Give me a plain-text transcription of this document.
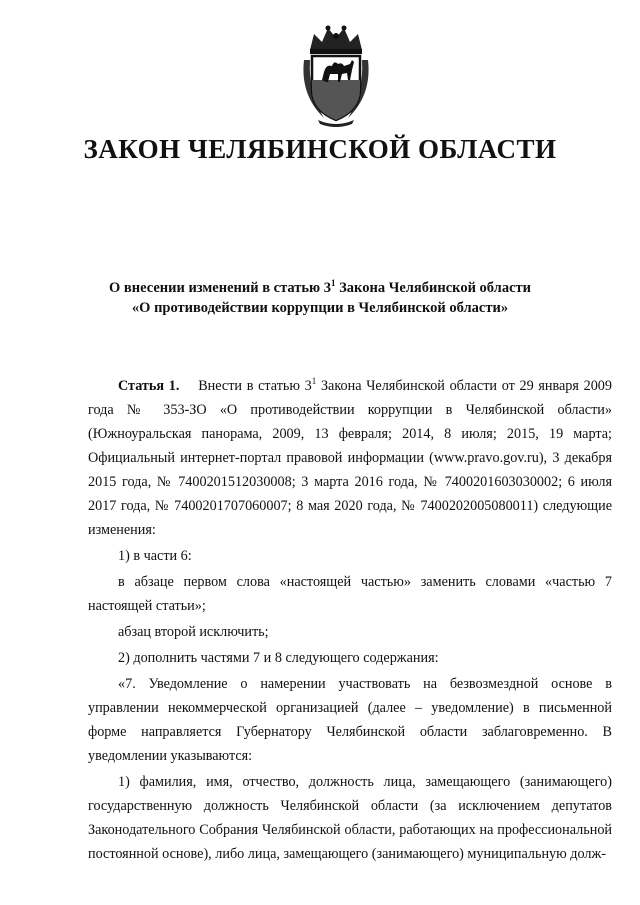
ЗАКОН ЧЕЛЯБИНСКОЙ ОБЛАСТИ
О внесении изменений в статью $3^1$ Закона Челябинской области
«О противодействии коррупции в Челябинской области»

Статья 1. Внести в статью $3^1$ Закона Челябинской области от 29 января 2009 года № 353-ЗО «О противодействии коррупции в Челябинской области» (Южноуральская панорама, 2009, 13 февраля; 2014, 8 июля; 2015, 19 марта; Официальный интернет-портал правовой информации (www.pravo.gov.ru), 3 декабря 2015 года, № 7400201512030008; 3 марта 2016 года, № 7400201603030002; 6 июля 2017 года, № 7400201707060007; 8 мая 2020 года, № 7400202005080011) следующие изменения:

1) в части 6:

в абзаце первом слова «настоящей частью» заменить словами «частью 7 настоящей статьи»;

абзац второй исключить;

2) дополнить частями 7 и 8 следующего содержания:

«7. Уведомление о намерении участвовать на безвозмездной основе в управлении некоммерческой организацией (далее – уведомление) в письменной форме направляется Губернатору Челябинской области заблаговременно. В уведомлении указываются:

1) фамилия, имя, отчество, должность лица, замещающего (занимающего) государственную должность Челябинской области (за исключением депутатов Законодательного Собрания Челябинской области, работающих на профессиональной постоянной основе), либо лица, замещающего (занимающего) муниципальную долж-
